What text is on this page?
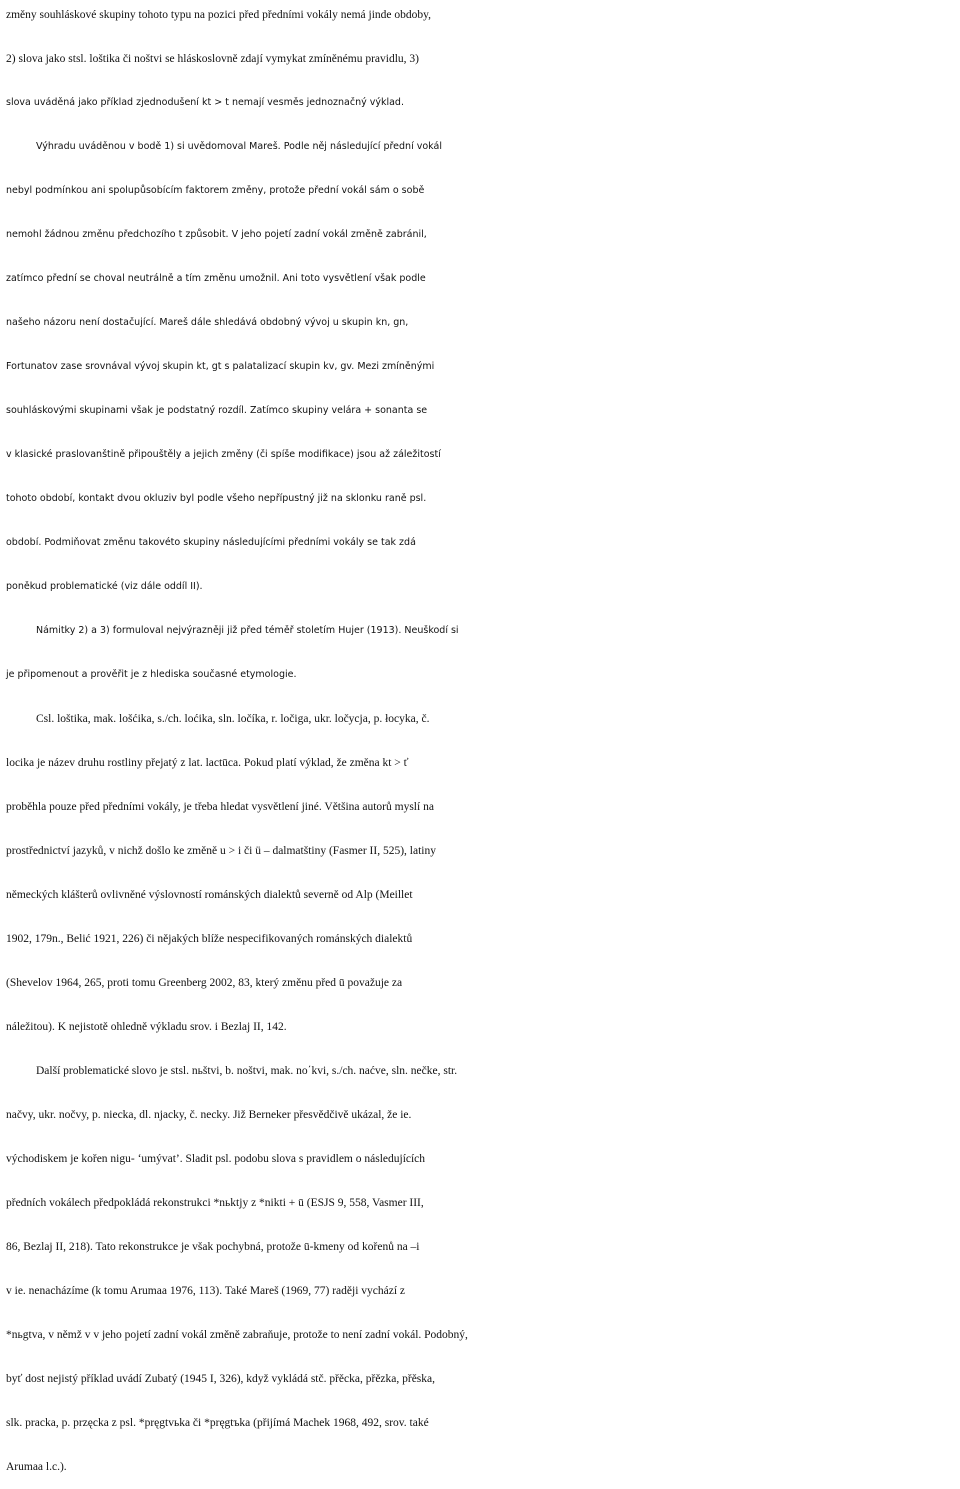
změny souhláskové skupiny tohoto typu na pozici před předními vokály nemá jinde obdoby,
2) slova jako stsl. loštika či noštvi se hláskoslovně zdají vymykat zmíněnému pravidlu, 3)
slova uváděná jako příklad zjednodušení kt > t nemají vesměs jednoznačný výklad.
Výhradu uváděnou v bodě 1) si uvědomoval Mareš. Podle něj následující přední vokál
nebyl podmínkou ani spolupůsobícím faktorem změny, protože přední vokál sám o sobě
nemohl žádnou změnu předchozího t způsobit. V jeho pojetí zadní vokál změně zabránil,
zatímco přední se choval neutrálně a tím změnu umožnil. Ani toto vysvětlení však podle
našeho názoru není dostačující. Mareš dále shledává obdobný vývoj u skupin kn, gn,
Fortunatov zase srovnával vývoj skupin kt, gt s palatalizací skupin kv, gv. Mezi zmíněnými
souhláskovými skupinami však je podstatný rozdíl. Zatímco skupiny velára + sonanta se
v klasické praslovanštině připouštěly a jejich změny (či spíše modifikace) jsou až záležitostí
tohoto období, kontakt dvou okluziv byl podle všeho nepřípustný již na sklonku raně psl.
období. Podmiňovat změnu takovéto skupiny následujícími předními vokály se tak zdá
poněkud problematické (viz dále oddíl II).

Námitky 2) a 3) formuloval nejvýrazněji již před téměř stoletím Hujer (1913). Neuškodí si
je připomenout a prověřit je z hlediska současné etymologie.

Csl. loštika, mak. lošćika, s./ch. loćika, sln. ločíka, r. ločiga, ukr. ločycja, p. łocyka, č.
locika je název druhu rostliny přejatý z lat. lactūca. Pokud platí výklad, že změna kt > ť
proběhla pouze před předními vokály, je třeba hledat vysvětlení jiné. Většina autorů myslí na
prostřednictví jazyků, v nichž došlo ke změně u > i či ü – dalmatštiny (Fasmer II, 525), latiny
německých klášterů ovlivněné výslovností románských dialektů severně od Alp (Meillet
1902, 179n., Belić 1921, 226) či nějakých blíže nespecifikovaných románských dialektů
(Shevelov 1964, 265, proti tomu Greenberg 2002, 83, který změnu před ū považuje za
náležitou). K nejistotě ohledně výkladu srov. i Bezlaj II, 142.

Další problematické slovo je stsl. nьštvi, b. noštvi, mak. no΄kvi, s./ch. naćve, sln. nečke, str.
načvy, ukr. nočvy, p. niecka, dl. njacky, č. necky. Již Berneker přesvědčivě ukázal, že ie.
východiskem je kořen nigu- ‘umývat’. Sladit psl. podobu slova s pravidlem o následujících
předních vokálech předpokládá rekonstrukci *nьktjy z *nikti + ū (ESJS 9, 558, Vasmer III,
86, Bezlaj II, 218). Tato rekonstrukce je však pochybná, protože ū-kmeny od kořenů na –i
v ie. nenacházíme (k tomu Arumaa 1976, 113). Také Mareš (1969, 77) raději vychází z
*nьgtva, v němž v v jeho pojetí zadní vokál změně zabraňuje, protože to není zadní vokál. Podobný,
byť dost nejistý příklad uvádí Zubatý (1945 I, 326), když vykládá stč. přěcka, přězka, přěska,
slk. pracka, p. przęcka z psl. *pręgtvьka či *pręgtъka (přijímá Machek 1968, 492, srov. také
Arumaa l.c.).
